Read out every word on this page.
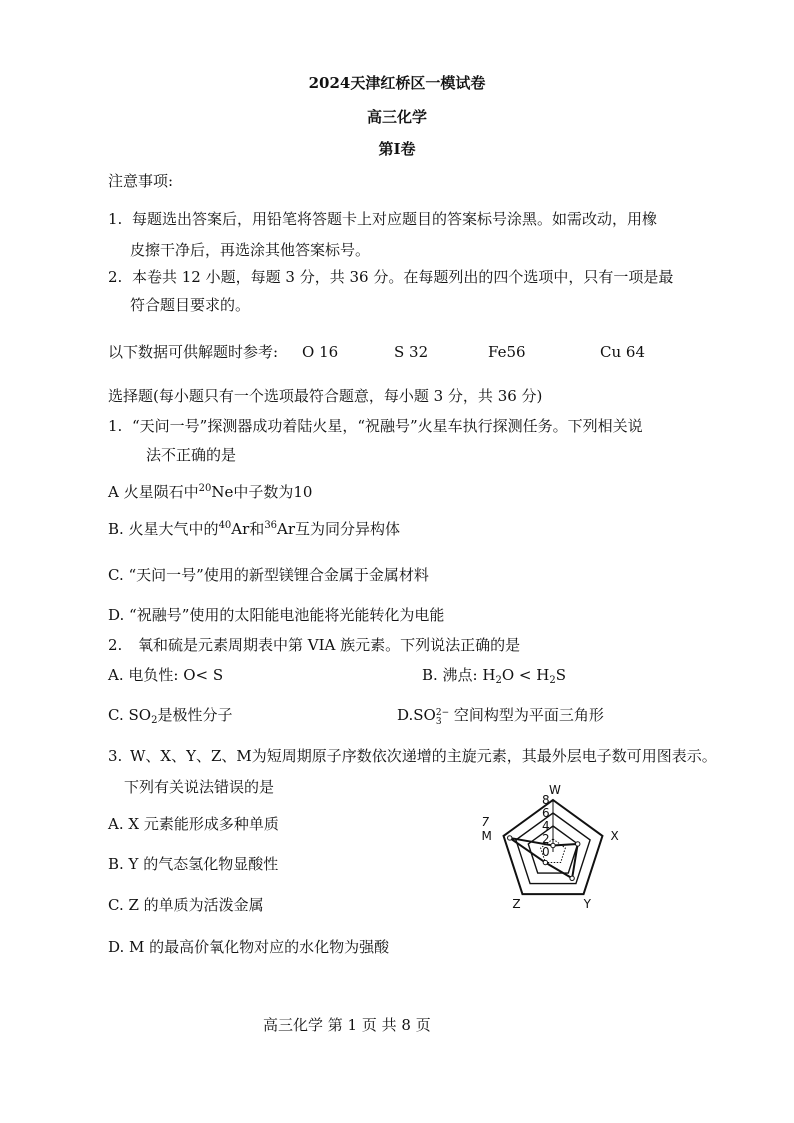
2024天津红桥区一模试卷
高三化学
第Ⅰ卷
注意事项:
1. 每题选出答案后，用铅笔将答题卡上对应题目的答案标号涂黑。如需改动，用橡
皮擦干净后，再选涂其他答案标号。
2. 本卷共 12 小题，每题 3 分，共 36 分。在每题列出的四个选项中，只有一项是最
符合题目要求的。
以下数据可供解题时参考: O 16	S 32	Fe56	Cu 64
选择题(每小题只有一个选项最符合题意，每小题 3 分，共 36 分)
1. “天问一号”探测器成功着陆火星，“祝融号”火星车执行探测任务。下列相关说
法不正确的是
A 火星陨石中$^{20}$Ne中子数为10
B. 火星大气中的$^{40}$Ar和$^{36}$Ar互为同分异构体
C. “天问一号”使用的新型镁锂合金属于金属材料
D. “祝融号”使用的太阳能电池能将光能转化为电能
2. 氧和硫是元素周期表中第 VIA 族元素。下列说法正确的是
A. 电负性: O< S	B. 沸点: $H_2O < H_2S$
C. $SO_2$是极性分子	D.SO 2−
3 空间构型为平面三角形
3. W、X、Y、Z、M为短周期原子序数依次递增的主旋元素，其最外层电子数可用图表示。
下列有关说法错误的是
A. X 元素能形成多种单质
B. Y 的气态氢化物显酸性
C. Z 的单质为活泼金属
D. M 的最高价氧化物对应的水化物为强酸
0
2
4
6
8
W
X
Y
Z
M
7
高三化学 第 1 页 共 8 页
